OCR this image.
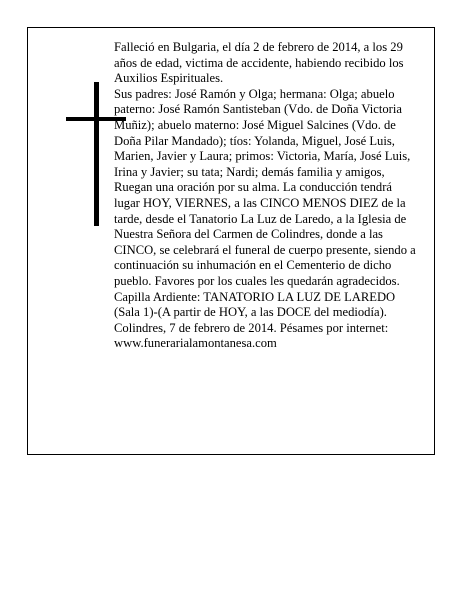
Falleció en Bulgaria, el día 2 de febrero de 2014, a los 29 años de edad, victima de accidente, habiendo recibido los Auxilios Espirituales.

Sus padres: José Ramón y Olga; hermana: Olga; abuelo paterno: José Ramón Santisteban (Vdo. de Doña Victoria Muñiz); abuelo materno: José Miguel Salcines (Vdo. de Doña Pilar Mandado); tíos: Yolanda, Miguel, José Luis, Marien, Javier y Laura; primos: Victoria, María, José Luis, Irina y Javier; su tata; Nardi; demás familia y amigos,

Ruegan una oración por su alma. La conducción tendrá lugar HOY, VIERNES, a las CINCO MENOS DIEZ de la tarde, desde el Tanatorio La Luz de Laredo, a la Iglesia de Nuestra Señora del Carmen de Colindres, donde a las CINCO, se celebrará el funeral de cuerpo presente, siendo a continuación su inhumación en el Cementerio de dicho pueblo. Favores por los cuales les quedarán agradecidos. Capilla Ardiente: TANATORIO LA LUZ DE LAREDO (Sala 1)-(A partir de HOY, a las DOCE del mediodía).

Colindres, 7 de febrero de 2014. Pésames por internet: www.funerarialamontanesa.com
